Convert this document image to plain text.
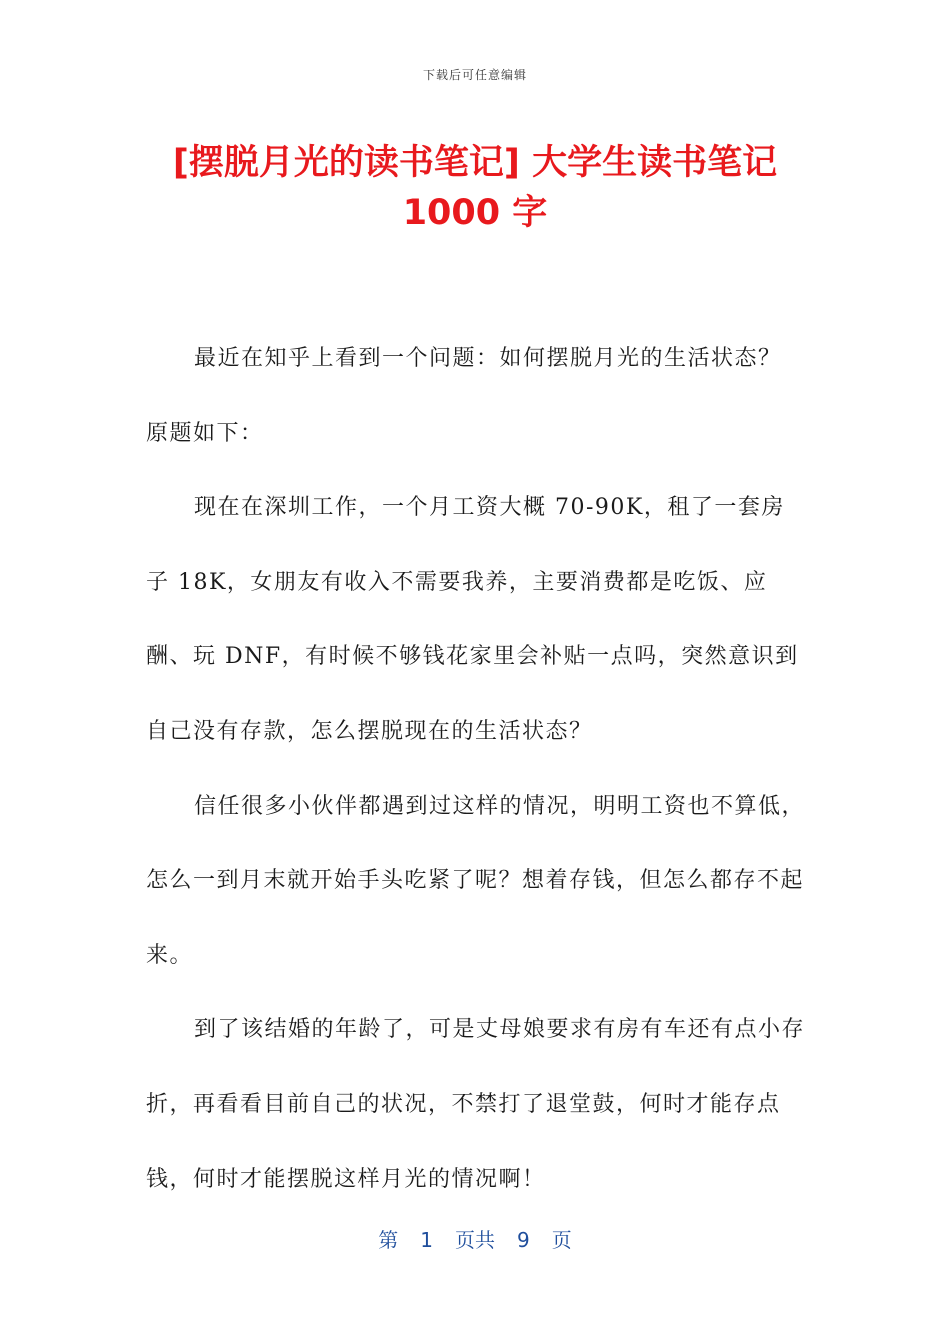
下载后可任意编辑
[摆脱月光的读书笔记] 大学生读书笔记 1000 字

最近在知乎上看到一个问题：如何摆脱月光的生活状态？

原题如下：

现在在深圳工作，一个月工资大概 70-90K，租了一套房子 18K，女朋友有收入不需要我养，主要消费都是吃饭、应酬、玩 DNF，有时候不够钱花家里会补贴一点吗，突然意识到自己没有存款，怎么摆脱现在的生活状态？

信任很多小伙伴都遇到过这样的情况，明明工资也不算低，怎么一到月末就开始手头吃紧了呢？想着存钱，但怎么都存不起来。

到了该结婚的年龄了，可是丈母娘要求有房有车还有点小存折，再看看目前自己的状况，不禁打了退堂鼓，何时才能存点钱，何时才能摆脱这样月光的情况啊！

第 1 页共 9 页
